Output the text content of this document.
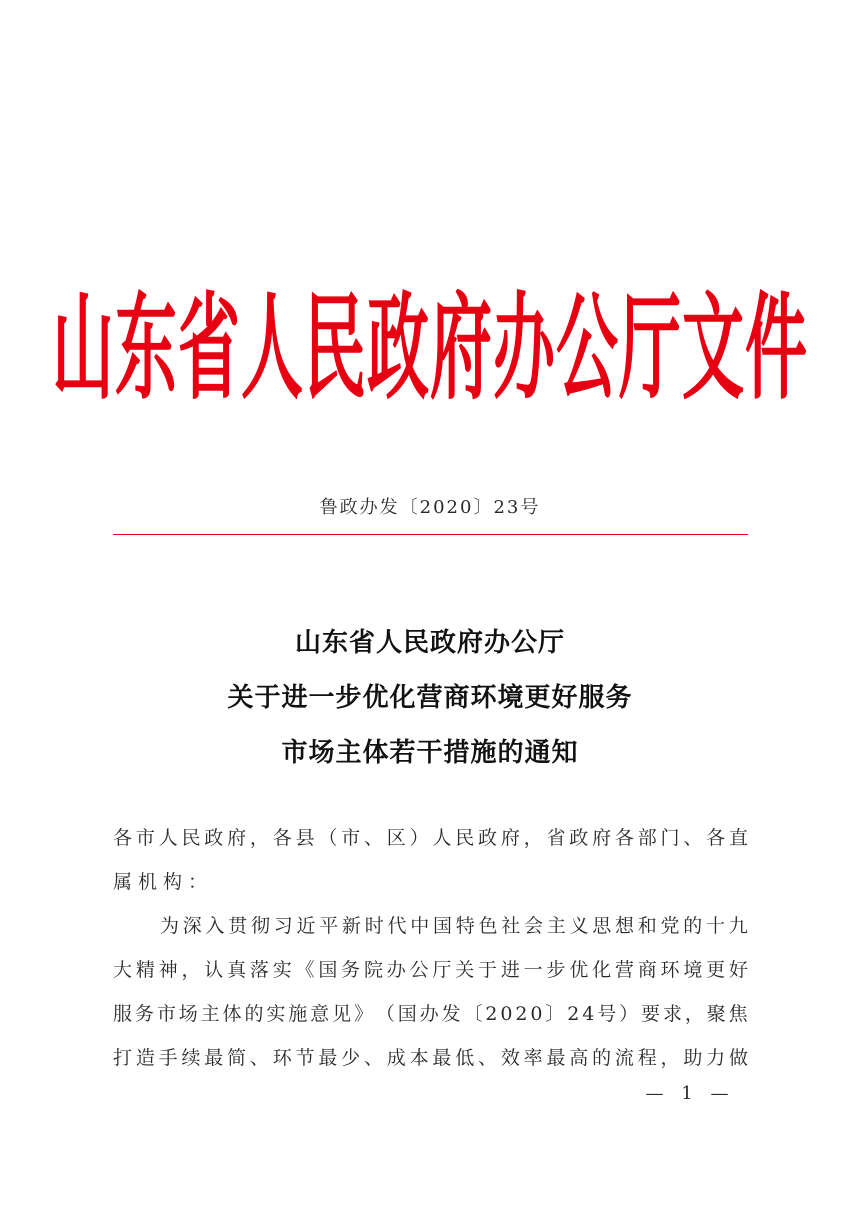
山东省人民政府办公厅文件
鲁政办发〔2020〕23号
山东省人民政府办公厅
关于进一步优化营商环境更好服务
市场主体若干措施的通知
各 市 人 民 政 府 ， 各 县 （ 市 、 区 ） 人 民 政 府 ， 省 政 府 各 部 门 、 各 直
属机构：
为 深 入 贯 彻 习 近 平 新 时 代 中 国 特 色 社 会 主 义 思 想 和 党 的 十 九
大 精 神 ， 认 真 落 实 《 国 务 院 办 公 厅 关 于 进 一 步 优 化 营 商 环 境 更 好
服 务 市 场 主 体 的 实 施 意 见 》 （ 国 办 发 〔 2 0 2 0 〕 2 4 号 ） 要 求 ， 聚 焦
打 造 手 续 最 简 、 环 节 最 少 、 成 本 最 低 、 效 率 最 高 的 流 程 ， 助 力 做
— 1 —
